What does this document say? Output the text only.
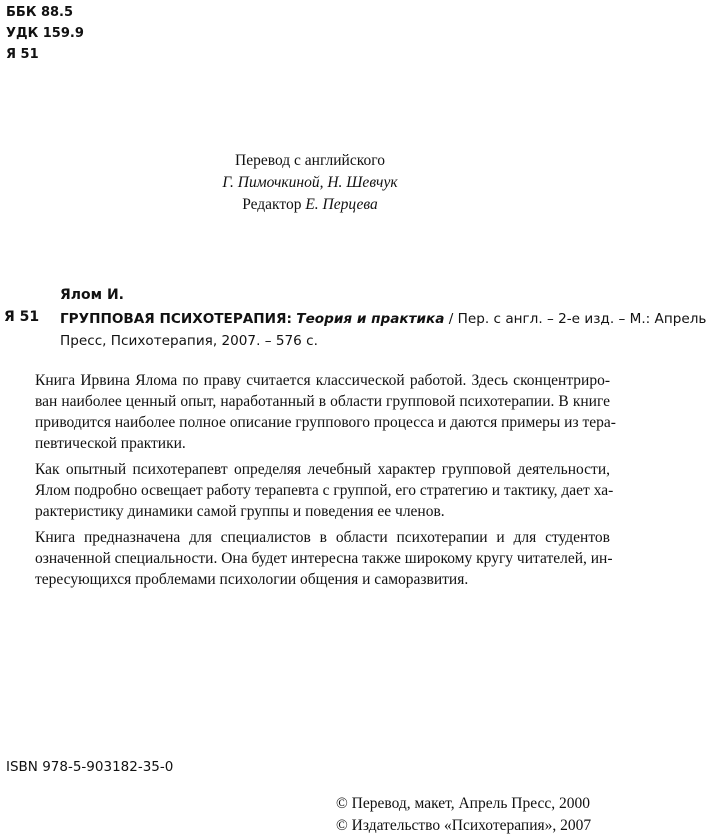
ББК 88.5
УДК 159.9
Я 51
Перевод с английского
Г. Пимочкиной, Н. Шевчук
Редактор Е. Перцева
Ялом И.
Я 51 ГРУППОВАЯ ПСИХОТЕРАПИЯ: Теория и практика / Пер. с англ. – 2-е изд. – М.: Апрель
Пресс, Психотерапия, 2007. – 576 с.
Книга Ирвина Ялома по праву считается классической работой. Здесь сконцентриро-
ван наиболее ценный опыт, наработанный в области групповой психотерапии. В книге
приводится наиболее полное описание группового процесса и даются примеры из тера-
певтической практики.
Как опытный психотерапевт определяя лечебный характер групповой деятельности,
Ялом подробно освещает работу терапевта с группой, его стратегию и тактику, дает ха-
рактеристику динамики самой группы и поведения ее членов.
Книга предназначена для специалистов в области психотерапии и для студентов
означенной специальности. Она будет интересна также широкому кругу читателей, ин-
тересующихся проблемами психологии общения и саморазвития.
ISBN 978-5-903182-35-0
© Перевод, макет, Апрель Пресс, 2000
© Издательство «Психотерапия», 2007
